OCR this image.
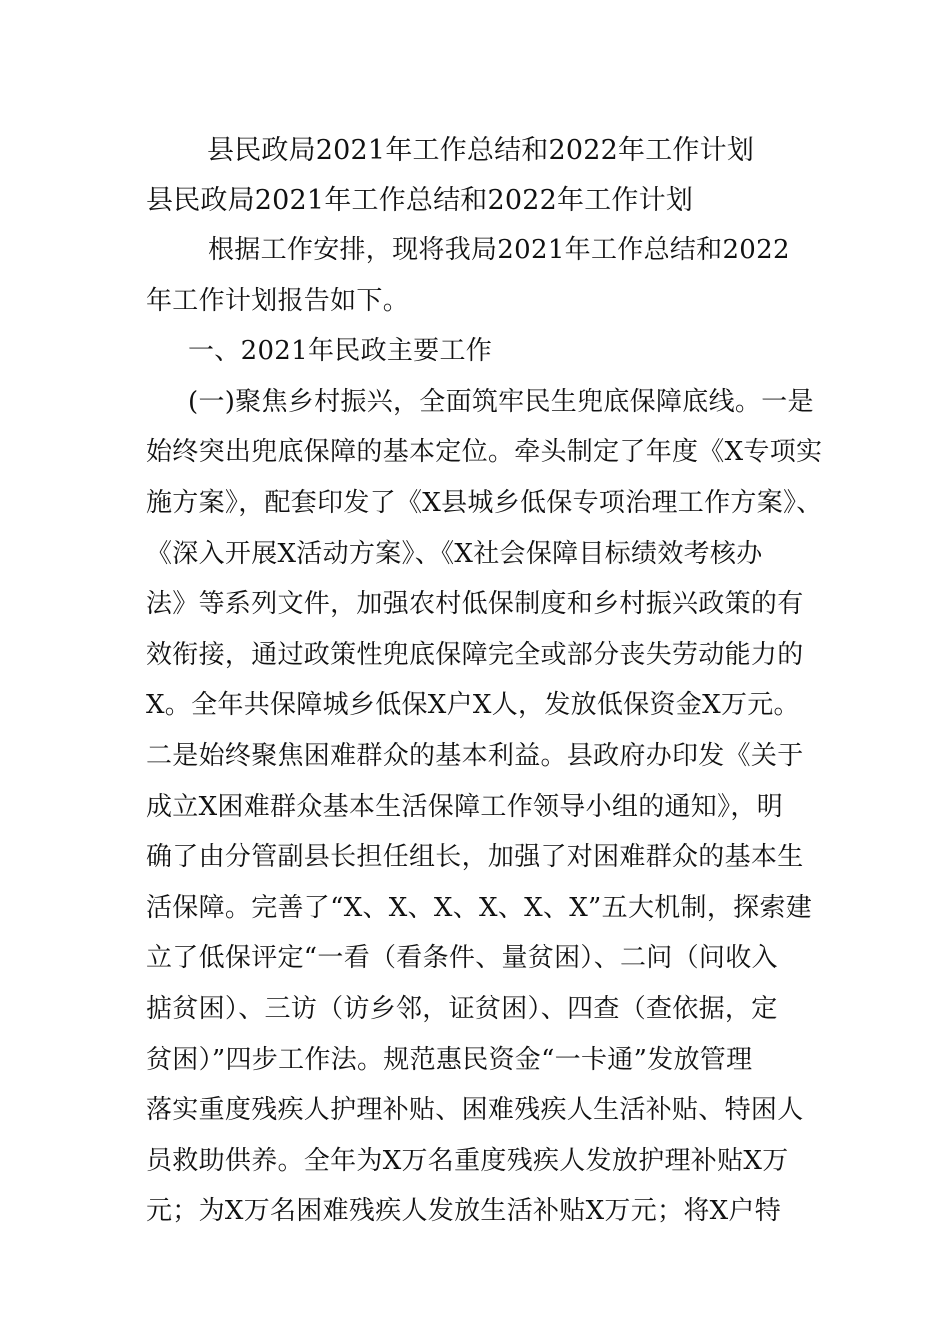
县民政局2021年工作总结和2022年工作计划
县民政局2021年工作总结和2022年工作计划
根据工作安排，现将我局2021年工作总结和2022
年工作计划报告如下。
一、2021年民政主要工作
(一)聚焦乡村振兴，全面筑牢民生兜底保障底线。一是
始终突出兜底保障的基本定位。牵头制定了年度《X专项实
施方案》，配套印发了《X县城乡低保专项治理工作方案》、
《深入开展X活动方案》、《X社会保障目标绩效考核办
法》等系列文件，加强农村低保制度和乡村振兴政策的有
效衔接，通过政策性兜底保障完全或部分丧失劳动能力的
X。全年共保障城乡低保X户X人，发放低保资金X万元。
二是始终聚焦困难群众的基本利益。县政府办印发《关于
成立X困难群众基本生活保障工作领导小组的通知》，明
确了由分管副县长担任组长，加强了对困难群众的基本生
活保障。完善了“X、X、X、X、X、X”五大机制，探索建
立了低保评定“一看（看条件、量贫困）、二问（问收入
掂贫困）、三访（访乡邻，证贫困）、四查（查依据，定
贫困）”四步工作法。规范惠民资金“一卡通”发放管理
落实重度残疾人护理补贴、困难残疾人生活补贴、特困人
员救助供养。全年为X万名重度残疾人发放护理补贴X万
元；为X万名困难残疾人发放生活补贴X万元；将X户特
